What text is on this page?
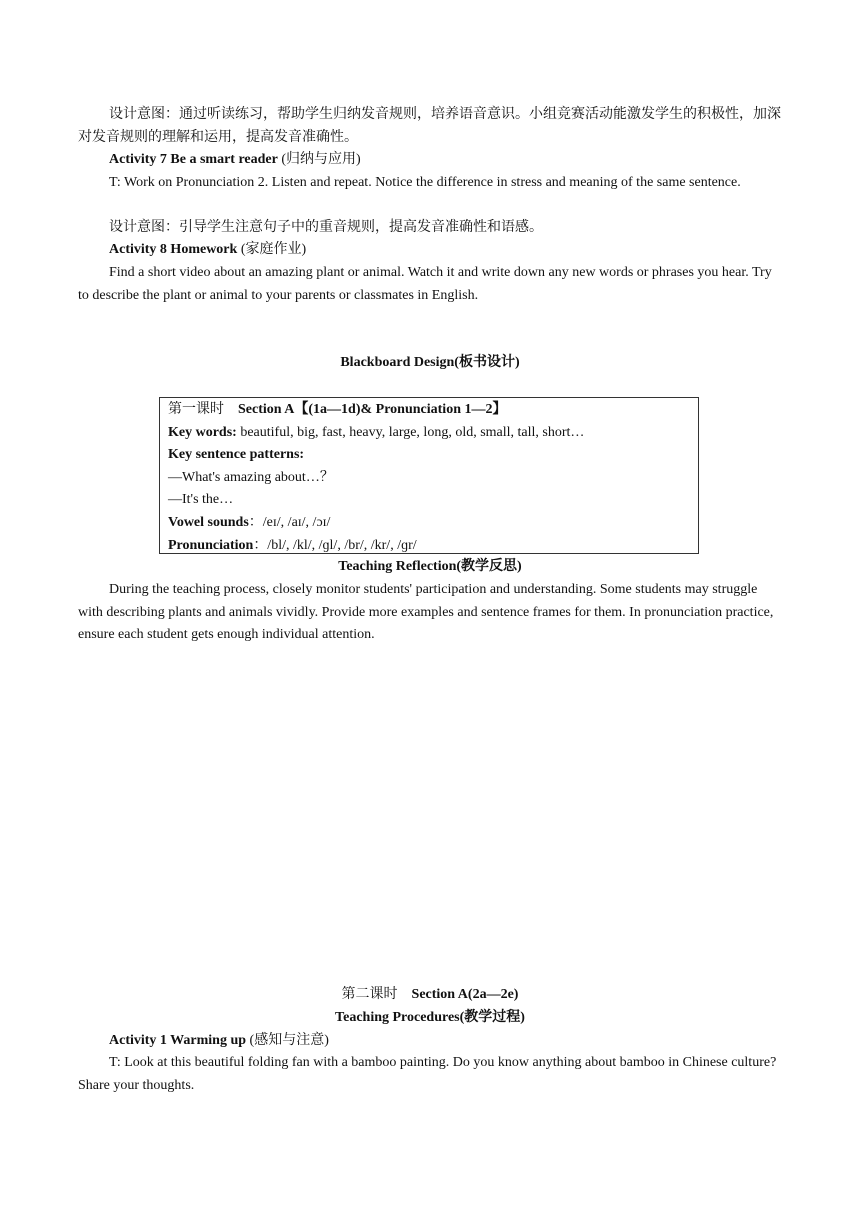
设计意图：通过听读练习，帮助学生归纳发音规则，培养语音意识。小组竞赛活动能激发学生的积极性，加深对发音规则的理解和运用，提高发音准确性。

Activity 7 Be a smart reader (归纳与应用)

T: Work on Pronunciation 2. Listen and repeat. Notice the difference in stress and meaning of the same sentence.

设计意图：引导学生注意句子中的重音规则，提高发音准确性和语感。

Activity 8 Homework (家庭作业)

Find a short video about an amazing plant or animal. Watch it and write down any new words or phrases you hear. Try to describe the plant or animal to your parents or classmates in English.

Blackboard Design(板书设计)

第一课时 Section A【(1a—1d)& Pronunciation 1—2】
Key words: beautiful, big, fast, heavy, large, long, old, small, tall, short…
Key sentence patterns:
—What's amazing about…？
—It's the…
Vowel sounds：/eɪ/, /aɪ/, /ɔɪ/
Pronunciation：/bl/, /kl/, /ɡl/, /br/, /kr/, /ɡr/

Teaching Reflection(教学反思)

During the teaching process, closely monitor students' participation and understanding. Some students may struggle with describing plants and animals vividly. Provide more examples and sentence frames for them. In pronunciation practice, ensure each student gets enough individual attention.

第二课时 Section A(2a—2e)

Teaching Procedures(教学过程)

Activity 1 Warming up (感知与注意)

T: Look at this beautiful folding fan with a bamboo painting. Do you know anything about bamboo in Chinese culture? Share your thoughts.
